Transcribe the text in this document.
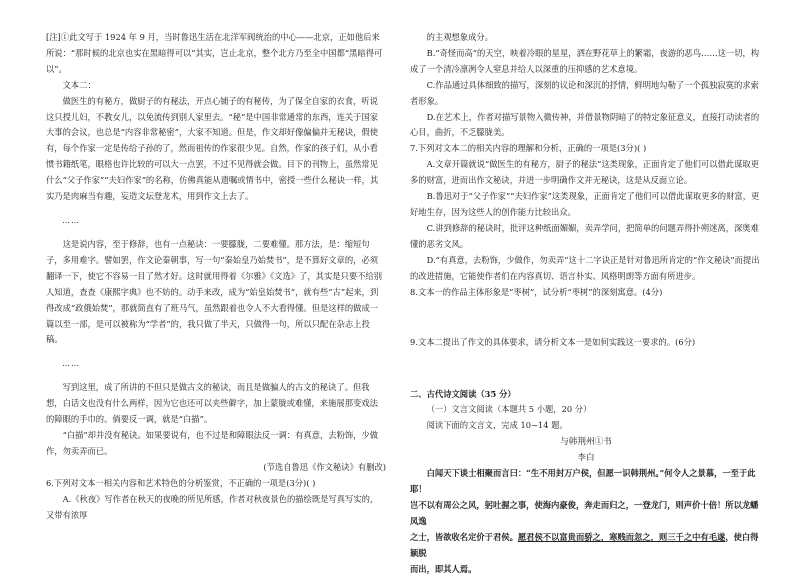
[注]①此文写于 1924 年 9 月，当时鲁迅生活在北洋军阀统治的中心——北京，正如他后来所说：“那时候的北京也实在黑暗得可以”其实，岂止北京，整个北方乃至全中国都“黑暗得可以”。

文本二：

做医生的有秘方，做厨子的有秘法，开点心铺子的有秘传，为了保全自家的衣食，听说这只授儿妇，不教女儿，以免流传到别人家里去。“秘”是中国非常通常的东西，连关于国家大事的会议，也总是“内容非常秘密”，大家不知道。但是，作文却好像偏偏并无秘诀，假使有，每个作家一定是传给子孙的了，然而祖传的作家很少见。自然，作家的孩子们，从小看惯书籍纸笔，眼格也许比较的可以大一点罢，不过不见得就会做。目下的刊物上，虽然常见什么“父子作家”“夫妇作家”的名称，仿佛真能从遗嘱或情书中，密授一些什么秘诀一样，其实乃是肉麻当有趣，妄造文坛登龙术，用到作文上去了。

……

这是说内容，至于修辞，也有一点秘诀：一要朦胧，二要难懂。那方法，是：缩短句子，多用难字。譬如罢，作文论秦朝事，写一句“秦始皇乃始焚书”，是不算好文章的，必须翻译一下，使它不容易一目了然才好。这时就用得着《尔雅》《文选》了，其实是只要不给别人知道，查查《康熙字典》也不妨的。动手来改，成为“始皇始焚书”，就有些“古”起来，到得改成“政俄始焚”，那就简直有了班马气，虽然跟着也令人不大看得懂。但是这样的做成一篇以至一部，是可以被称为“学者”的，我只做了半天，只做得一句，所以只配在杂志上投稿。

……

写到这里，成了所讲的不但只是做古文的秘诀，而且是做骗人的古文的秘诀了。但我想，白话文也没有什么两样，因为它也还可以夹些僻字，加上蒙胧或难懂，来施展那变戏法的障眼的手巾的。倘要反一调，就是“白描”。

“白描”却并没有秘诀。如果要说有，也不过是和障眼法反一调：有真意，去粉饰，少做作，勿卖弄而已。

(节选自鲁迅《作文秘诀》有删改)

6.下列对文本一相关内容和艺术特色的分析鉴赏，不正确的一项是(3分)( )

A.《秋夜》写作者在秋天的夜晚的所见所感，作者对秋夜景色的描绘既是写真写实的，又带有浓厚

的主观想象成分。

B.“奇怪而高”的天空，映着冷眼的星星，洒在野花草上的繁霜，夜游的恶鸟……这一切，构成了一个清冷凛冽令人窒息并给人以深重的压抑感的艺术意境。

C.作品通过具体细致的描写，深刻的议论和深沉的抒情，鲜明地勾勒了一个孤独寂寞的求索者形象。

D.在艺术上，作者对描写景物入微传神，并借景物阴暗了的特定象征意义，直接打动读者的心目，曲折，不乏朦胧美。

7.下列对文本二的相关内容的理解和分析，正确的一项是(3分)( )

A.文章开篇就说“做医生的有秘方，厨子的秘法”这类现象，正面肯定了他们可以借此谋取更多的财富，进而出作文秘诀，并进一步明确作文并无秘诀，这是从反面立论。

B.鲁迅对于“父子作家”“夫妇作家”这类现象，正面肯定了他们可以借此谋取更多的财富，更好地生存，因为这些人的创作能力比较出众。

C.讲到修辞的秘诀时，批评这种纸面媚媚，卖弄学问，把简单的问题弄得扑朔迷离，深奥难懂的恶劣文风。

D.“有真意，去粉饰，少做作，勿卖弄”这十二字诀正是针对鲁迅所肯定的“作文秘诀”而提出的改进措施，它能使作者们在内容真切、语言朴实、风格明朗等方面有所进步。

8.文本一的作品主体形象是“枣树”，试分析“枣树”的深刻寓意。(4分)

9.文本二提出了作文的具体要求，请分析文本一是如何实践这一要求的。(6分)

二、古代诗文阅读（35 分）

（一）文言文阅读（本题共 5 小题，20 分）

阅读下面的文言文，完成 10~14 题。

与韩荆州①书

李白

白闻天下谈士相聚而言曰：“生不用封万户侯，但愿一识韩荆州。”何令人之景慕，一至于此耶！

岂不以有周公之风，躬吐握之事，使海内豪俊，奔走而归之，一登龙门，则声价十倍！所以龙蟠凤逸

之士，皆欲收名定价于君侯。愿君侯不以富贵而骄之，寒贱而忽之，则三千之中有毛遂，使白得颖脱

而出，即其人焉。
